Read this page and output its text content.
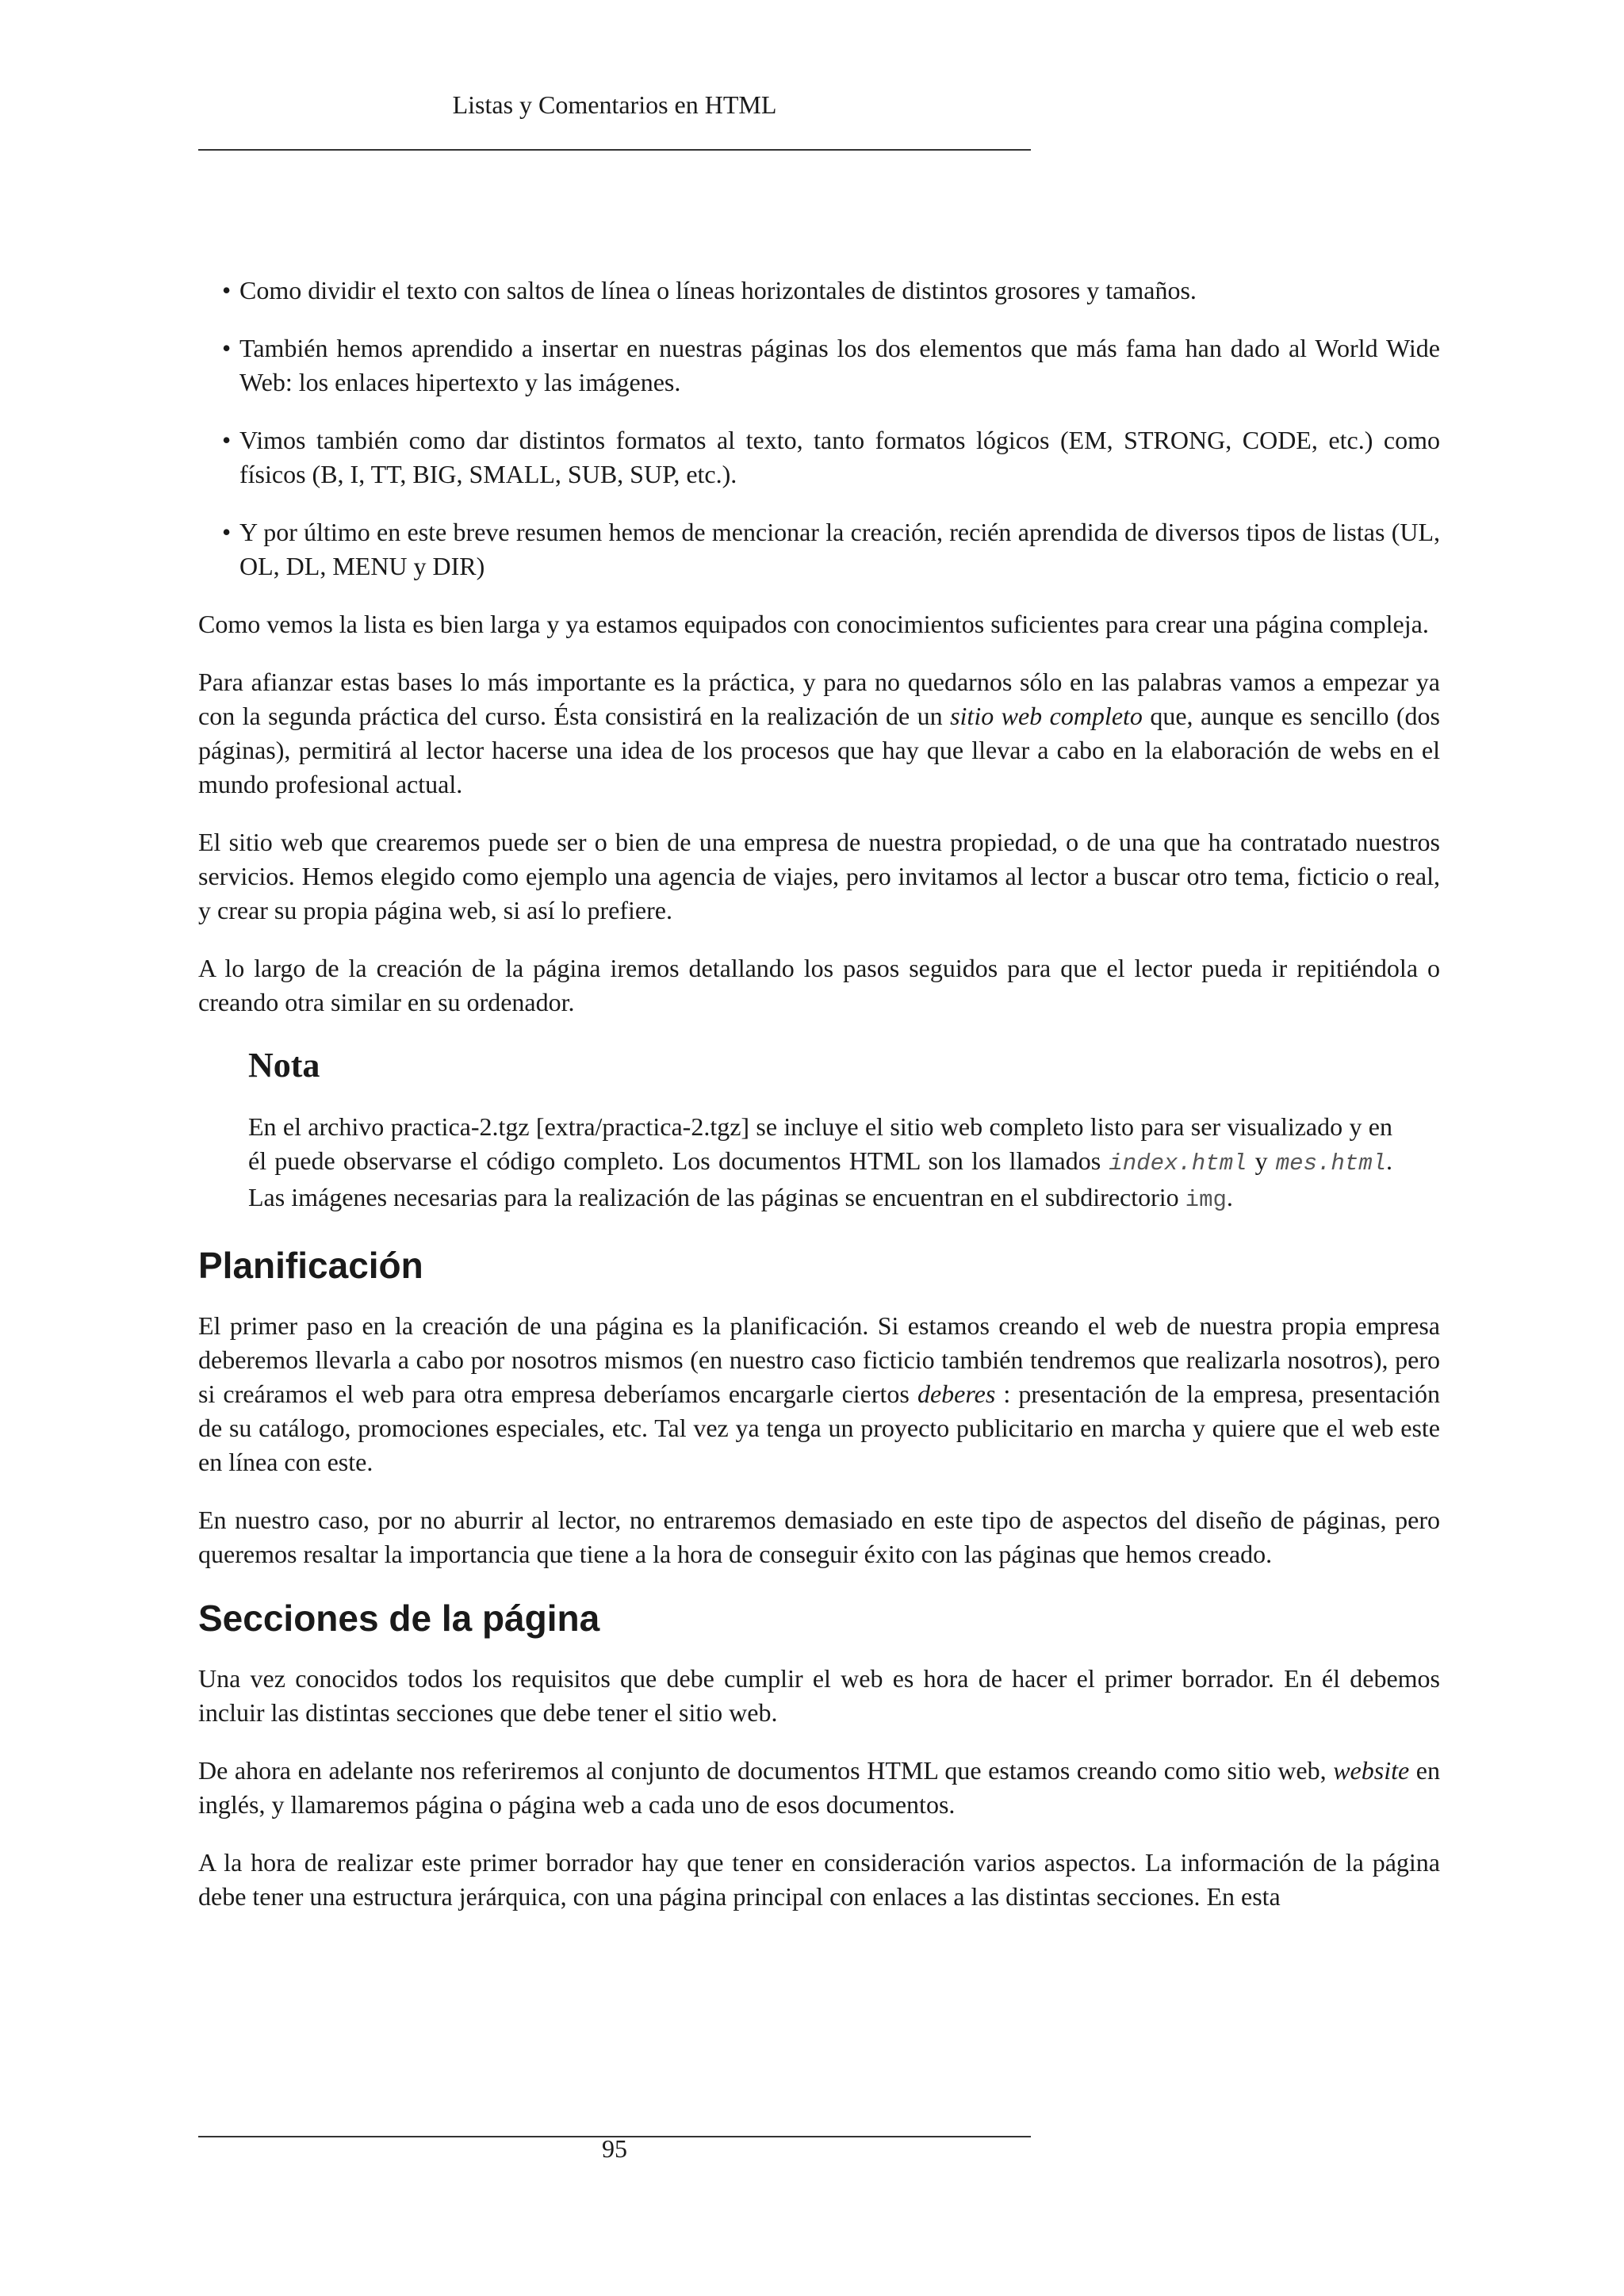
Listas y Comentarios en HTML
• Como dividir el texto con saltos de línea o líneas horizontales de distintos grosores y tamaños.
• También hemos aprendido a insertar en nuestras páginas los dos elementos que más fama han dado al World Wide Web: los enlaces hipertexto y las imágenes.
• Vimos también como dar distintos formatos al texto, tanto formatos lógicos (EM, STRONG, CODE, etc.) como físicos (B, I, TT, BIG, SMALL, SUB, SUP, etc.).
• Y por último en este breve resumen hemos de mencionar la creación, recién aprendida de diversos tipos de listas (UL, OL, DL, MENU y DIR)

Como vemos la lista es bien larga y ya estamos equipados con conocimientos suficientes para crear una página compleja.

Para afianzar estas bases lo más importante es la práctica, y para no quedarnos sólo en las palabras vamos a empezar ya con la segunda práctica del curso. Ésta consistirá en la realización de un sitio web completo que, aunque es sencillo (dos páginas), permitirá al lector hacerse una idea de los procesos que hay que llevar a cabo en la elaboración de webs en el mundo profesional actual.

El sitio web que crearemos puede ser o bien de una empresa de nuestra propiedad, o de una que ha contratado nuestros servicios. Hemos elegido como ejemplo una agencia de viajes, pero invitamos al lector a buscar otro tema, ficticio o real, y crear su propia página web, si así lo prefiere.

A lo largo de la creación de la página iremos detallando los pasos seguidos para que el lector pueda ir repitiéndola o creando otra similar en su ordenador.

Nota

En el archivo practica-2.tgz [extra/practica-2.tgz] se incluye el sitio web completo listo para ser visualizado y en él puede observarse el código completo. Los documentos HTML son los llamados index.html y mes.html. Las imágenes necesarias para la realización de las páginas se encuentran en el subdirectorio img.

Planificación

El primer paso en la creación de una página es la planificación. Si estamos creando el web de nuestra propia empresa deberemos llevarla a cabo por nosotros mismos (en nuestro caso ficticio también tendremos que realizarla nosotros), pero si creáramos el web para otra empresa deberíamos encargarle ciertos deberes : presentación de la empresa, presentación de su catálogo, promociones especiales, etc. Tal vez ya tenga un proyecto publicitario en marcha y quiere que el web este en línea con este.

En nuestro caso, por no aburrir al lector, no entraremos demasiado en este tipo de aspectos del diseño de páginas, pero queremos resaltar la importancia que tiene a la hora de conseguir éxito con las páginas que hemos creado.

Secciones de la página

Una vez conocidos todos los requisitos que debe cumplir el web es hora de hacer el primer borrador. En él debemos incluir las distintas secciones que debe tener el sitio web.

De ahora en adelante nos referiremos al conjunto de documentos HTML que estamos creando como sitio web, website en inglés, y llamaremos página o página web a cada uno de esos documentos.

A la hora de realizar este primer borrador hay que tener en consideración varios aspectos. La información de la página debe tener una estructura jerárquica, con una página principal con enlaces a las distintas secciones. En esta

95
